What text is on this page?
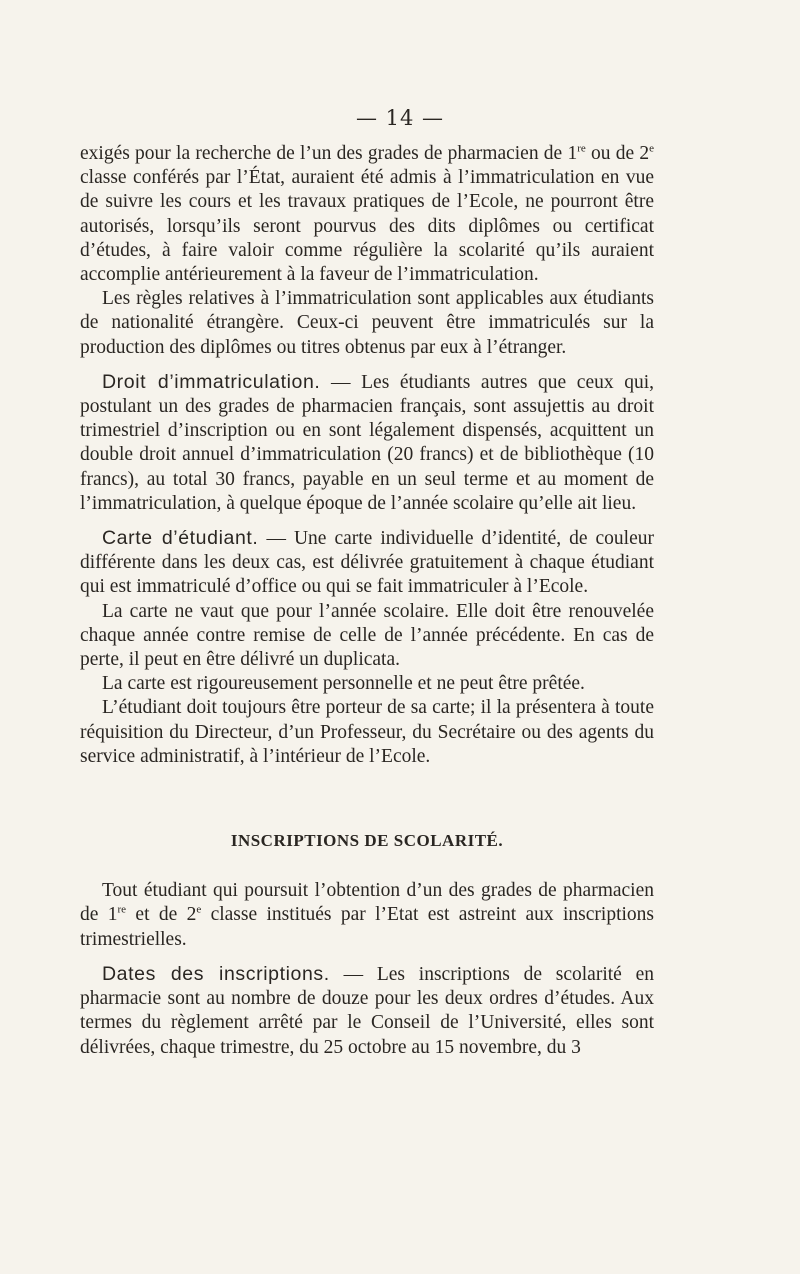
— 14 —

exigés pour la recherche de l’un des grades de pharmacien de 1re ou de 2e classe conférés par l’État, auraient été admis à l’immatriculation en vue de suivre les cours et les travaux pratiques de l’Ecole, ne pourront être autorisés, lorsqu’ils seront pourvus des dits diplômes ou certificat d’études, à faire valoir comme régulière la scolarité qu’ils auraient accomplie antérieurement à la faveur de l’immatriculation.

Les règles relatives à l’immatriculation sont applicables aux étudiants de nationalité étrangère. Ceux-ci peuvent être immatriculés sur la production des diplômes ou titres obtenus par eux à l’étranger.

Droit d’immatriculation. — Les étudiants autres que ceux qui, postulant un des grades de pharmacien français, sont assujettis au droit trimestriel d’inscription ou en sont légalement dispensés, acquittent un double droit annuel d’immatriculation (20 francs) et de bibliothèque (10 francs), au total 30 francs, payable en un seul terme et au moment de l’immatriculation, à quelque époque de l’année scolaire qu’elle ait lieu.

Carte d’étudiant. — Une carte individuelle d’identité, de couleur différente dans les deux cas, est délivrée gratuitement à chaque étudiant qui est immatriculé d’office ou qui se fait immatriculer à l’Ecole.

La carte ne vaut que pour l’année scolaire. Elle doit être renouvelée chaque année contre remise de celle de l’année précédente. En cas de perte, il peut en être délivré un duplicata.

La carte est rigoureusement personnelle et ne peut être prêtée.

L’étudiant doit toujours être porteur de sa carte; il la présentera à toute réquisition du Directeur, d’un Professeur, du Secrétaire ou des agents du service administratif, à l’intérieur de l’Ecole.

INSCRIPTIONS DE SCOLARITÉ.

Tout étudiant qui poursuit l’obtention d’un des grades de pharmacien de 1re et de 2e classe institués par l’Etat est astreint aux inscriptions trimestrielles.

Dates des inscriptions. — Les inscriptions de scolarité en pharmacie sont au nombre de douze pour les deux ordres d’études. Aux termes du règlement arrêté par le Conseil de l’Université, elles sont délivrées, chaque trimestre, du 25 octobre au 15 novembre, du 3
